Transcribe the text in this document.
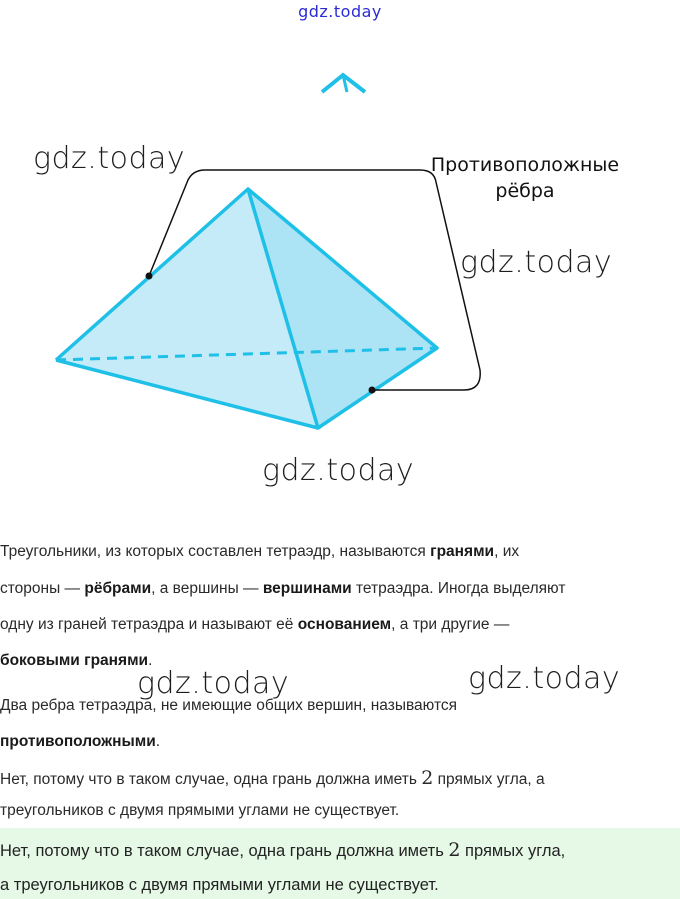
gdz.today
Противоположные
рёбра
gdz.today
gdz.today
gdz.today
gdz.today	gdz.today
Треугольники, из которых составлен тетраэдр, называются гранями, их
стороны — рёбрами, а вершины — вершинами тетраэдра. Иногда выделяют
одну из граней тетраэдра и называют её основанием, а три другие —
боковыми гранями.
Два ребра тетраэдра, не имеющие общих вершин, называются
противоположными.
Нет, потому что в таком случае, одна грань должна иметь 2 прямых угла, а
треугольников с двумя прямыми углами не существует.
Нет, потому что в таком случае, одна грань должна иметь 2 прямых угла,
а треугольников с двумя прямыми углами не существует.
